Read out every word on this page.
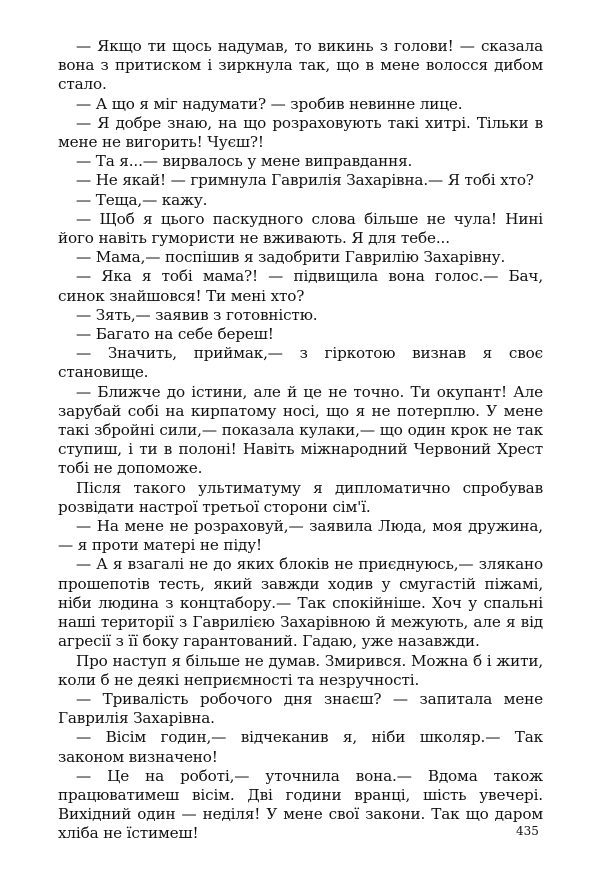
— Якщо ти щось надумав, то викинь з голови! — сказала вона з притиском і зиркнула так, що в мене волосся дибом стало.

— А що я міг надумати? — зробив невинне лице.

— Я добре знаю, на що розраховують такі хитрі. Тільки в мене не вигорить! Чуєш?!

— Та я...— вирвалось у мене виправдання.

— Не якай! — гримнула Гаврилія Захарівна.— Я тобі хто?

— Теща,— кажу.

— Щоб я цього паскудного слова більше не чула! Нині його навіть гумористи не вживають. Я для тебе...

— Мама,— поспішив я задобрити Гаврилію Захарівну.

— Яка я тобі мама?! — підвищила вона голос.— Бач, синок знайшовся! Ти мені хто?

— Зять,— заявив з готовністю.

— Багато на себе береш!

— Значить, приймак,— з гіркотою визнав я своє становище.

— Ближче до істини, але й це не точно. Ти окупант! Але зарубай собі на кирпатому носі, що я не потерплю. У мене такі збройні сили,— показала кулаки,— що один крок не так ступиш, і ти в полоні! Навіть міжнародний Червоний Хрест тобі не допоможе.

Після такого ультиматуму я дипломатично спробував розвідати настрої третьої сторони сім'ї.

— На мене не розраховуй,— заявила Люда, моя дружина,— я проти матері не піду!

— А я взагалі не до яких блоків не приєднуюсь,— злякано прошепотів тесть, який завжди ходив у смугастій піжамі, ніби людина з концтабору.— Так спокійніше. Хоч у спальні наші території з Гаврилією Захарівною й межують, але я від агресії з її боку гарантований. Гадаю, уже назавжди.

Про наступ я більше не думав. Змирився. Можна б і жити, коли б не деякі неприємності та незручності.

— Тривалість робочого дня знаєш? — запитала мене Гаврилія Захарівна.

— Вісім годин,— відчеканив я, ніби школяр.— Так законом визначено!

— Це на роботі,— уточнила вона.— Вдома також працюватимеш вісім. Дві години вранці, шість увечері. Вихідний один — неділя! У мене свої закони. Так що даром хліба не їстимеш!	435
